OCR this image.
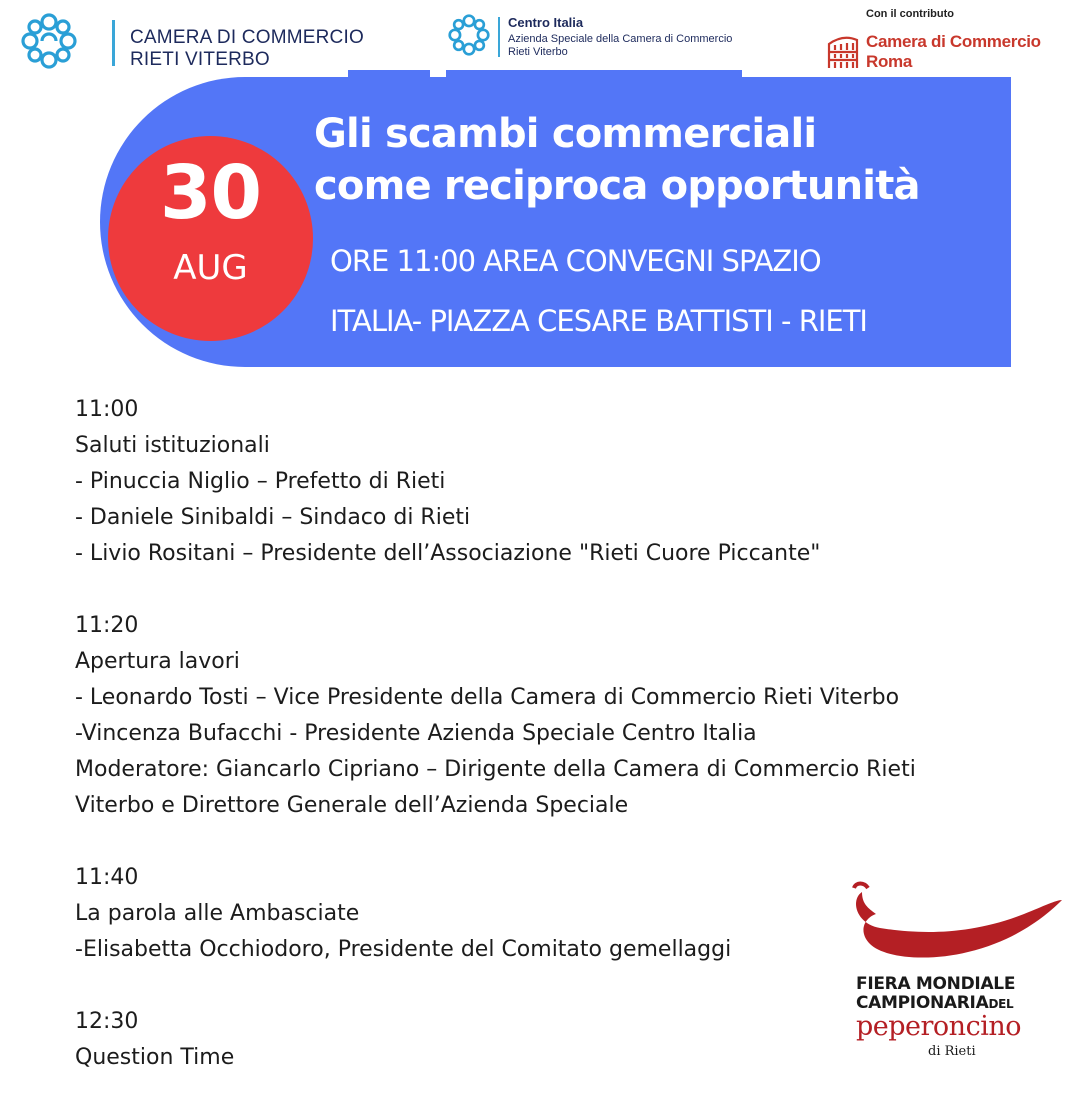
CAMERA DI COMMERCIO
RIETI VITERBO
Centro Italia
Azienda Speciale della Camera di Commercio
Rieti Viterbo
Con il contributo
Camera di Commercio
Roma
30
AUG
Gli scambi commerciali
come reciproca opportunità
ORE 11:00 AREA CONVEGNI SPAZIO
ITALIA- PIAZZA CESARE BATTISTI - RIETI
11:00
Saluti istituzionali
- Pinuccia Niglio – Prefetto di Rieti
- Daniele Sinibaldi – Sindaco di Rieti
- Livio Rositani – Presidente dell’Associazione "Rieti Cuore Piccante"
11:20
Apertura lavori
- Leonardo Tosti – Vice Presidente della Camera di Commercio Rieti Viterbo
-Vincenza Bufacchi - Presidente Azienda Speciale Centro Italia
Moderatore: Giancarlo Cipriano – Dirigente della Camera di Commercio Rieti
Viterbo e Direttore Generale dell’Azienda Speciale
11:40
La parola alle Ambasciate
-Elisabetta Occhiodoro, Presidente del Comitato gemellaggi
12:30
Question Time
FIERA MONDIALE
CAMPIONARIADEL
peperoncino
di Rieti
